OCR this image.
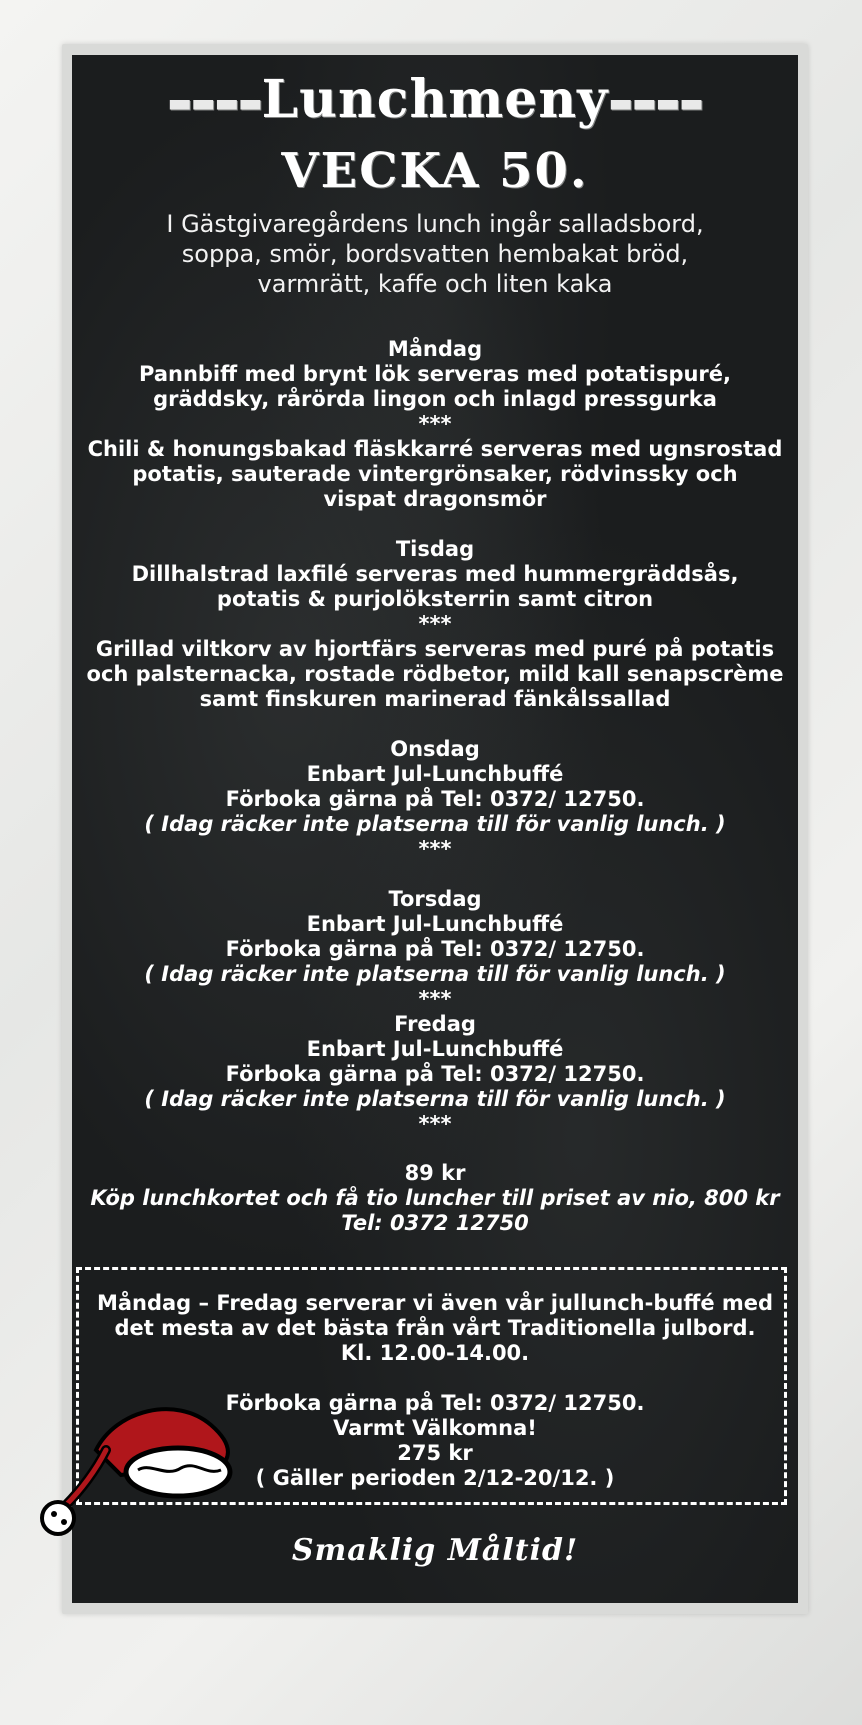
▬▬▬▬Lunchmeny▬▬▬▬
VECKA 50.
I Gästgivaregårdens lunch ingår salladsbord,
soppa, smör, bordsvatten hembakat bröd,
varmrätt, kaffe och liten kaka
Måndag
Pannbiff med brynt lök serveras med potatispuré,
gräddsky, rårörda lingon och inlagd pressgurka
***
Chili & honungsbakad fläskkarré serveras med ugnsrostad
potatis, sauterade vintergrönsaker, rödvinssky och
vispat dragonsmör
Tisdag
Dillhalstrad laxfilé serveras med hummergräddsås,
potatis & purjolöksterrin samt citron
***
Grillad viltkorv av hjortfärs serveras med puré på potatis
och palsternacka, rostade rödbetor, mild kall senapscrème
samt finskuren marinerad fänkålssallad
Onsdag
Enbart Jul-Lunchbuffé
Förboka gärna på Tel: 0372/ 12750.
( Idag räcker inte platserna till för vanlig lunch. )
***
Torsdag
Enbart Jul-Lunchbuffé
Förboka gärna på Tel: 0372/ 12750.
( Idag räcker inte platserna till för vanlig lunch. )
***
Fredag
Enbart Jul-Lunchbuffé
Förboka gärna på Tel: 0372/ 12750.
( Idag räcker inte platserna till för vanlig lunch. )
***
89 kr
Köp lunchkortet och få tio luncher till priset av nio, 800 kr
Tel: 0372 12750
Måndag – Fredag serverar vi även vår jullunch-buffé med
det mesta av det bästa från vårt Traditionella julbord.
Kl. 12.00-14.00.
Förboka gärna på Tel: 0372/ 12750.
Varmt Välkomna!
275 kr
( Gäller perioden 2/12-20/12. )
Smaklig Måltid!
